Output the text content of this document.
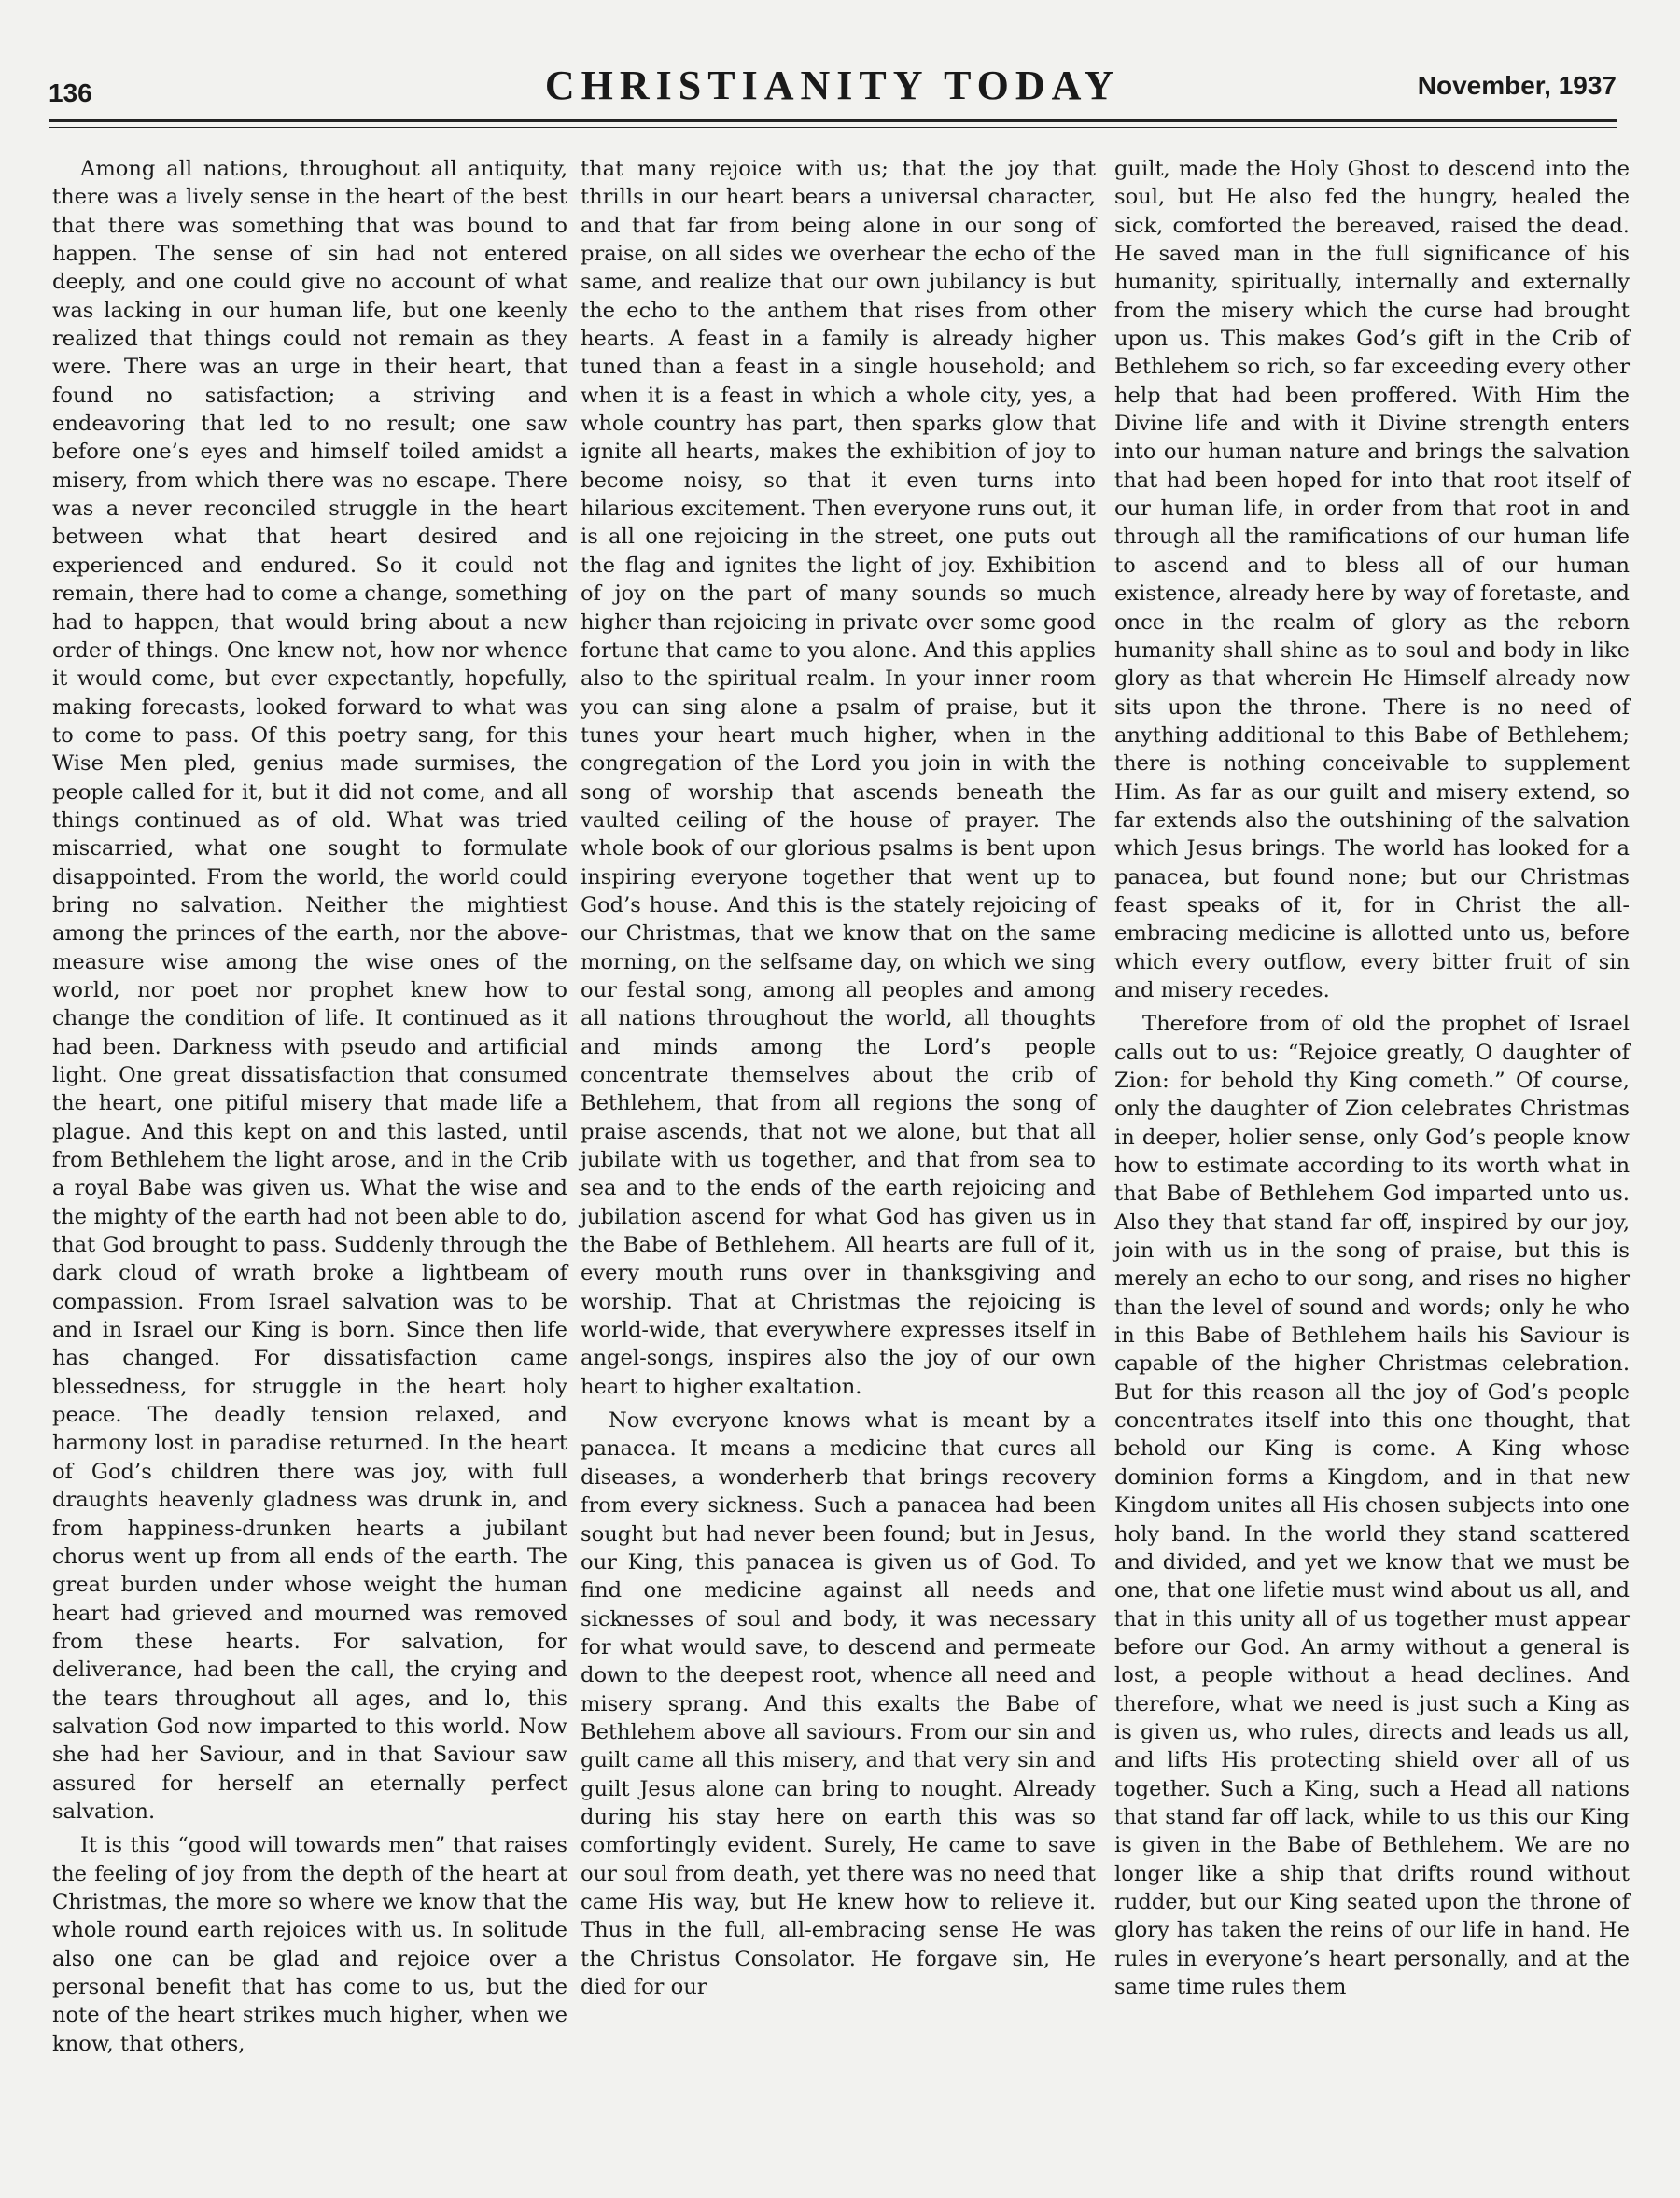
136	CHRISTIANITY TODAY	November, 1937

Among all nations, throughout all antiquity, there was a lively sense in the heart of the best that there was something that was bound to happen. The sense of sin had not entered deeply, and one could give no account of what was lacking in our human life, but one keenly realized that things could not remain as they were. There was an urge in their heart, that found no satisfaction; a striving and endeavoring that led to no result; one saw before one’s eyes and himself toiled amidst a misery, from which there was no escape. There was a never reconciled struggle in the heart between what that heart desired and experienced and endured. So it could not remain, there had to come a change, something had to happen, that would bring about a new order of things. One knew not, how nor whence it would come, but ever expectantly, hopefully, making forecasts, looked forward to what was to come to pass. Of this poetry sang, for this Wise Men pled, genius made surmises, the people called for it, but it did not come, and all things continued as of old. What was tried miscarried, what one sought to formulate disappointed. From the world, the world could bring no salvation. Neither the mightiest among the princes of the earth, nor the above-measure wise among the wise ones of the world, nor poet nor prophet knew how to change the condition of life. It continued as it had been. Darkness with pseudo and artificial light. One great dissatisfaction that consumed the heart, one pitiful misery that made life a plague. And this kept on and this lasted, until from Bethlehem the light arose, and in the Crib a royal Babe was given us. What the wise and the mighty of the earth had not been able to do, that God brought to pass. Suddenly through the dark cloud of wrath broke a lightbeam of compassion. From Israel salvation was to be and in Israel our King is born. Since then life has changed. For dissatisfaction came blessedness, for struggle in the heart holy peace. The deadly tension relaxed, and harmony lost in paradise returned. In the heart of God’s children there was joy, with full draughts heavenly gladness was drunk in, and from happiness-drunken hearts a jubilant chorus went up from all ends of the earth. The great burden under whose weight the human heart had grieved and mourned was removed from these hearts. For salvation, for deliverance, had been the call, the crying and the tears throughout all ages, and lo, this salvation God now imparted to this world. Now she had her Saviour, and in that Saviour saw assured for herself an eternally perfect salvation.

It is this “good will towards men” that raises the feeling of joy from the depth of the heart at Christmas, the more so where we know that the whole round earth rejoices with us. In solitude also one can be glad and rejoice over a personal benefit that has come to us, but the note of the heart strikes much higher, when we know, that others,

that many rejoice with us; that the joy that thrills in our heart bears a universal character, and that far from being alone in our song of praise, on all sides we overhear the echo of the same, and realize that our own jubilancy is but the echo to the anthem that rises from other hearts. A feast in a family is already higher tuned than a feast in a single household; and when it is a feast in which a whole city, yes, a whole country has part, then sparks glow that ignite all hearts, makes the exhibition of joy to become noisy, so that it even turns into hilarious excitement. Then everyone runs out, it is all one rejoicing in the street, one puts out the flag and ignites the light of joy. Exhibition of joy on the part of many sounds so much higher than rejoicing in private over some good fortune that came to you alone. And this applies also to the spiritual realm. In your inner room you can sing alone a psalm of praise, but it tunes your heart much higher, when in the congregation of the Lord you join in with the song of worship that ascends beneath the vaulted ceiling of the house of prayer. The whole book of our glorious psalms is bent upon inspiring everyone together that went up to God’s house. And this is the stately rejoicing of our Christmas, that we know that on the same morning, on the selfsame day, on which we sing our festal song, among all peoples and among all nations throughout the world, all thoughts and minds among the Lord’s people concentrate themselves about the crib of Bethlehem, that from all regions the song of praise ascends, that not we alone, but that all jubilate with us together, and that from sea to sea and to the ends of the earth rejoicing and jubilation ascend for what God has given us in the Babe of Bethlehem. All hearts are full of it, every mouth runs over in thanksgiving and worship. That at Christmas the rejoicing is world-wide, that everywhere expresses itself in angel-songs, inspires also the joy of our own heart to higher exaltation.

Now everyone knows what is meant by a panacea. It means a medicine that cures all diseases, a wonderherb that brings recovery from every sickness. Such a panacea had been sought but had never been found; but in Jesus, our King, this panacea is given us of God. To find one medicine against all needs and sicknesses of soul and body, it was necessary for what would save, to descend and permeate down to the deepest root, whence all need and misery sprang. And this exalts the Babe of Bethlehem above all saviours. From our sin and guilt came all this misery, and that very sin and guilt Jesus alone can bring to nought. Already during his stay here on earth this was so comfortingly evident. Surely, He came to save our soul from death, yet there was no need that came His way, but He knew how to relieve it. Thus in the full, all-embracing sense He was the Christus Consolator. He forgave sin, He died for our

guilt, made the Holy Ghost to descend into the soul, but He also fed the hungry, healed the sick, comforted the bereaved, raised the dead. He saved man in the full significance of his humanity, spiritually, internally and externally from the misery which the curse had brought upon us. This makes God’s gift in the Crib of Bethlehem so rich, so far exceeding every other help that had been proffered. With Him the Divine life and with it Divine strength enters into our human nature and brings the salvation that had been hoped for into that root itself of our human life, in order from that root in and through all the ramifications of our human life to ascend and to bless all of our human existence, already here by way of foretaste, and once in the realm of glory as the reborn humanity shall shine as to soul and body in like glory as that wherein He Himself already now sits upon the throne. There is no need of anything additional to this Babe of Bethlehem; there is nothing conceivable to supplement Him. As far as our guilt and misery extend, so far extends also the outshining of the salvation which Jesus brings. The world has looked for a panacea, but found none; but our Christmas feast speaks of it, for in Christ the all-embracing medicine is allotted unto us, before which every outflow, every bitter fruit of sin and misery recedes.

Therefore from of old the prophet of Israel calls out to us: “Rejoice greatly, O daughter of Zion: for behold thy King cometh.” Of course, only the daughter of Zion celebrates Christmas in deeper, holier sense, only God’s people know how to estimate according to its worth what in that Babe of Bethlehem God imparted unto us. Also they that stand far off, inspired by our joy, join with us in the song of praise, but this is merely an echo to our song, and rises no higher than the level of sound and words; only he who in this Babe of Bethlehem hails his Saviour is capable of the higher Christmas celebration. But for this reason all the joy of God’s people concentrates itself into this one thought, that behold our King is come. A King whose dominion forms a Kingdom, and in that new Kingdom unites all His chosen subjects into one holy band. In the world they stand scattered and divided, and yet we know that we must be one, that one lifetie must wind about us all, and that in this unity all of us together must appear before our God. An army without a general is lost, a people without a head declines. And therefore, what we need is just such a King as is given us, who rules, directs and leads us all, and lifts His protecting shield over all of us together. Such a King, such a Head all nations that stand far off lack, while to us this our King is given in the Babe of Bethlehem. We are no longer like a ship that drifts round without rudder, but our King seated upon the throne of glory has taken the reins of our life in hand. He rules in everyone’s heart personally, and at the same time rules them
